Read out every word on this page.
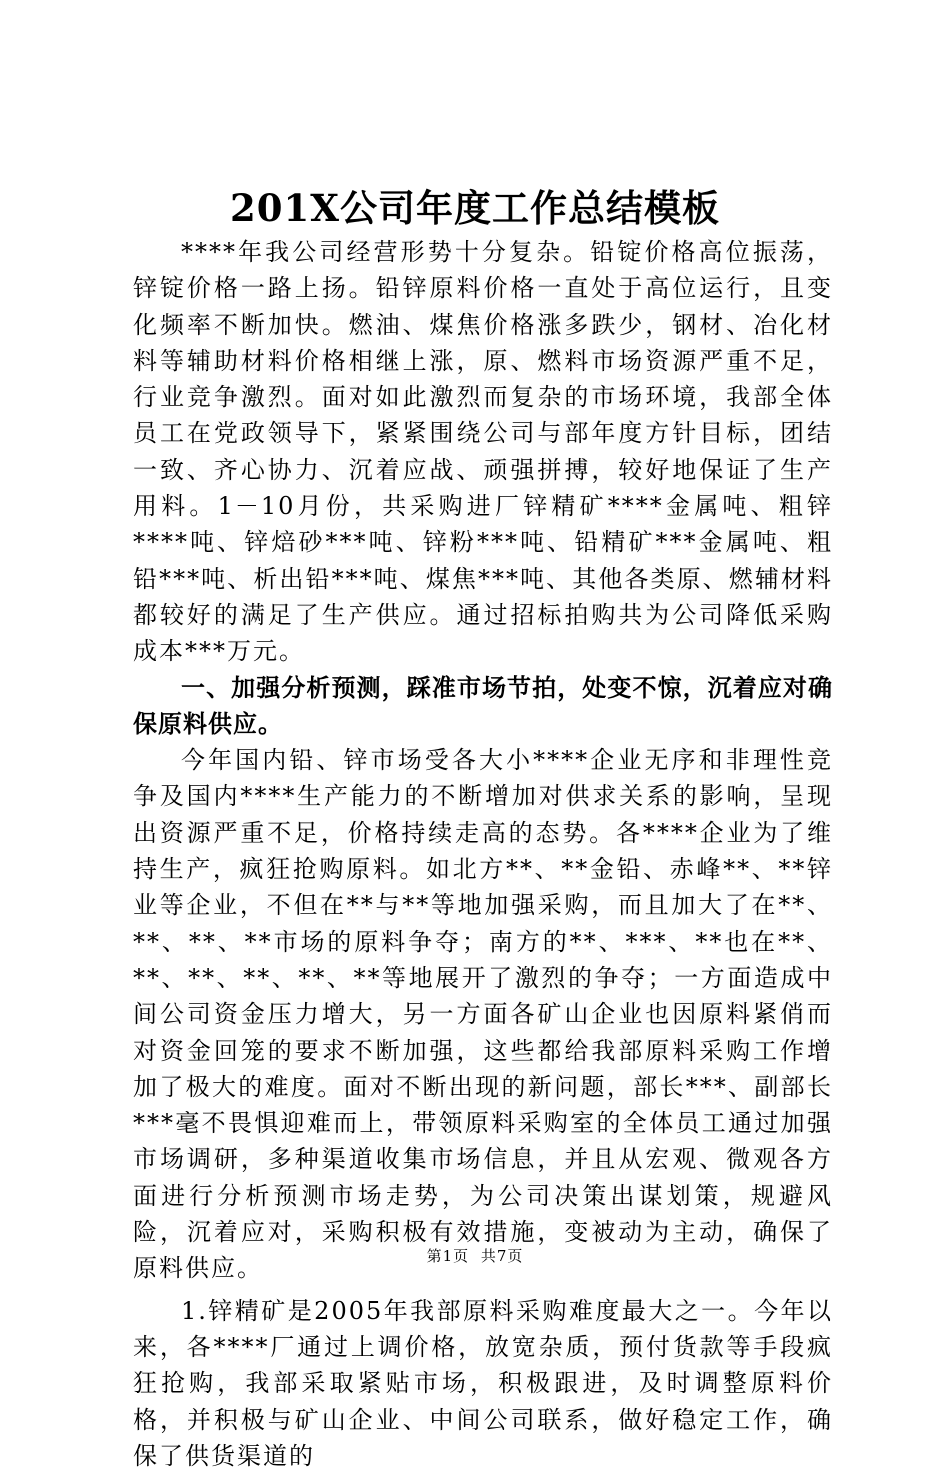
201X公司年度工作总结模板

****年我公司经营形势十分复杂。铅锭价格高位振荡，锌锭价格一路上扬。铅锌原料价格一直处于高位运行，且变化频率不断加快。燃油、煤焦价格涨多跌少，钢材、冶化材料等辅助材料价格相继上涨，原、燃料市场资源严重不足，行业竞争激烈。面对如此激烈而复杂的市场环境，我部全体员工在党政领导下，紧紧围绕公司与部年度方针目标，团结一致、齐心协力、沉着应战、顽强拼搏，较好地保证了生产用料。1－10月份，共采购进厂锌精矿****金属吨、粗锌****吨、锌焙砂***吨、锌粉***吨、铅精矿***金属吨、粗铅***吨、析出铅***吨、煤焦***吨、其他各类原、燃辅材料都较好的满足了生产供应。通过招标拍购共为公司降低采购成本***万元。

一、加强分析预测，踩准市场节拍，处变不惊，沉着应对确保原料供应。

今年国内铅、锌市场受各大小****企业无序和非理性竞争及国内****生产能力的不断增加对供求关系的影响，呈现出资源严重不足，价格持续走高的态势。各****企业为了维持生产，疯狂抢购原料。如北方**、**金铅、赤峰**、**锌业等企业，不但在**与**等地加强采购，而且加大了在**、**、**、**市场的原料争夺；南方的**、***、**也在**、**、**、**、**、**等地展开了激烈的争夺；一方面造成中间公司资金压力增大，另一方面各矿山企业也因原料紧俏而对资金回笼的要求不断加强，这些都给我部原料采购工作增加了极大的难度。面对不断出现的新问题，部长***、副部长***毫不畏惧迎难而上，带领原料采购室的全体员工通过加强市场调研，多种渠道收集市场信息，并且从宏观、微观各方面进行分析预测市场走势，为公司决策出谋划策，规避风险，沉着应对，采购积极有效措施，变被动为主动，确保了原料供应。

1.锌精矿是2005年我部原料采购难度最大之一。今年以来，各****厂通过上调价格，放宽杂质，预付货款等手段疯狂抢购，我部采取紧贴市场，积极跟进，及时调整原料价格，并积极与矿山企业、中间公司联系，做好稳定工作，确保了供货渠道的

第1页 共7页
